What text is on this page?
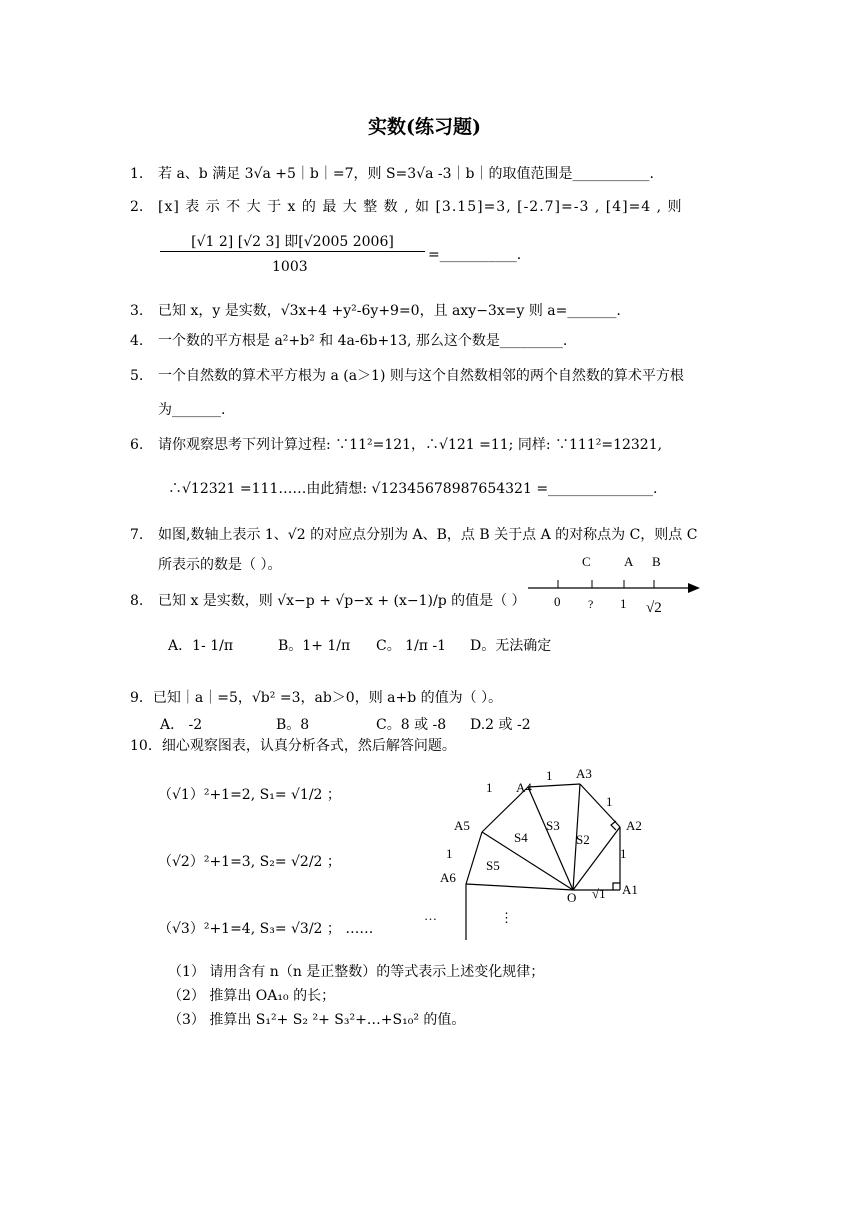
实数(练习题)
1. 若 a、b 满足 3√a +5｜b｜=7，则 S=3√a -3｜b｜的取值范围是___________.
2. [x] 表 示 不 大 于 x 的 最 大 整 数 , 如 [3.15]=3, [-2.7]=-3 , [4]=4 , 则
[√1 2] [√2 3] 即[√2005 2006]
1003
=___________.
3. 已知 x，y 是实数，√3x+4 +y²-6y+9=0，且 axy−3x=y 则 a=_______.
4. 一个数的平方根是 a²+b² 和 4a-6b+13, 那么这个数是_________.
5. 一个自然数的算术平方根为 a (a＞1) 则与这个自然数相邻的两个自然数的算术平方根
为_______.
6. 请你观察思考下列计算过程: ∵11²=121，∴√121 =11; 同样: ∵111²=12321,
∴√12321 =111……由此猜想: √12345678987654321 =_______________.
7. 如图,数轴上表示 1、√2 的对应点分别为 A、B，点 B 关于点 A 的对称点为 C，则点 C
所表示的数是（ ）。	C	A B
0 ? 1 √2
8. 已知 x 是实数，则 √x−p + √p−x + (x−1)/p 的值是（ ）
A．1- 1/π	B。1+ 1/π C。 1/π -1 D。无法确定
9．已知｜a｜=5，√b² =3，ab＞0，则 a+b 的值为（ ）。
A． -2	B。8	C。8 或 -8 D.2 或 -2
10．细心观察图表，认真分析各式，然后解答问题。
（√1）²+1=2, S₁= √1/2 ；
（√2）²+1=3, S₂= √2/2 ；
（√3）²+1=4, S₃= √3/2 ； ……
A1
A2
A3
A4
A5
A6
O
S2
S3
S4
S5
1
1
1
1
1
√1
…	⋮
（1） 请用含有 n（n 是正整数）的等式表示上述变化规律；
（2） 推算出 OA₁₀ 的长；
（3） 推算出 S₁²+ S₂ ²+ S₃²+…+S₁₀² 的值。
